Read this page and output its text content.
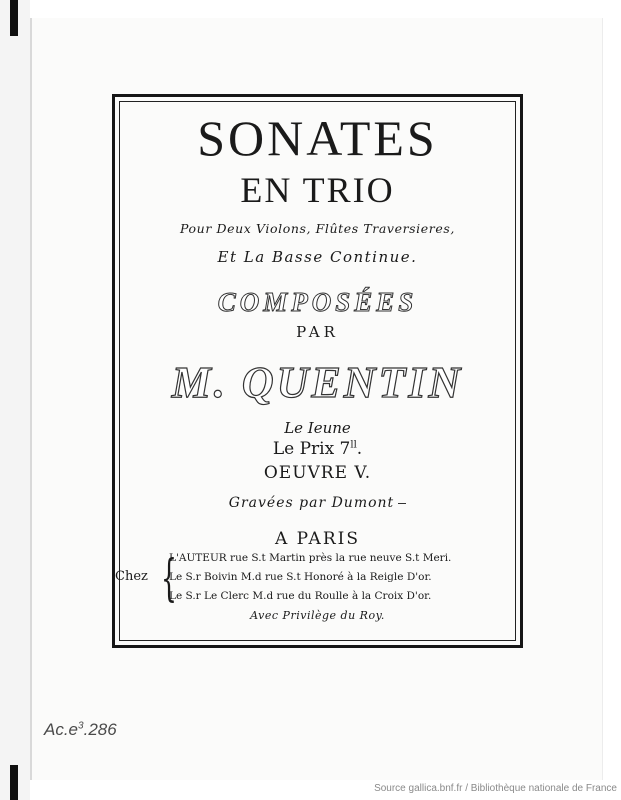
SONATES
EN TRIO
Pour Deux Violons, Flûtes Traversieres,
Et La Basse Continue.
COMPOSÉES
PAR
M. QUENTIN
Le Ieune
Le Prix $7^{ll}$.
OEUVRE V.
Gravées par Dumont
A PARIS
Chez {
L'AUTEUR rue S.t Martin près la rue neuve S.t Meri.
Le S.r Boivin M.d rue S.t Honoré à la Reigle D'or.
Le S.r Le Clerc M.d rue du Roulle à la Croix D'or.
Avec Privilège du Roy.
$Ac.e^3.286$
Source gallica.bnf.fr / Bibliothèque nationale de France
